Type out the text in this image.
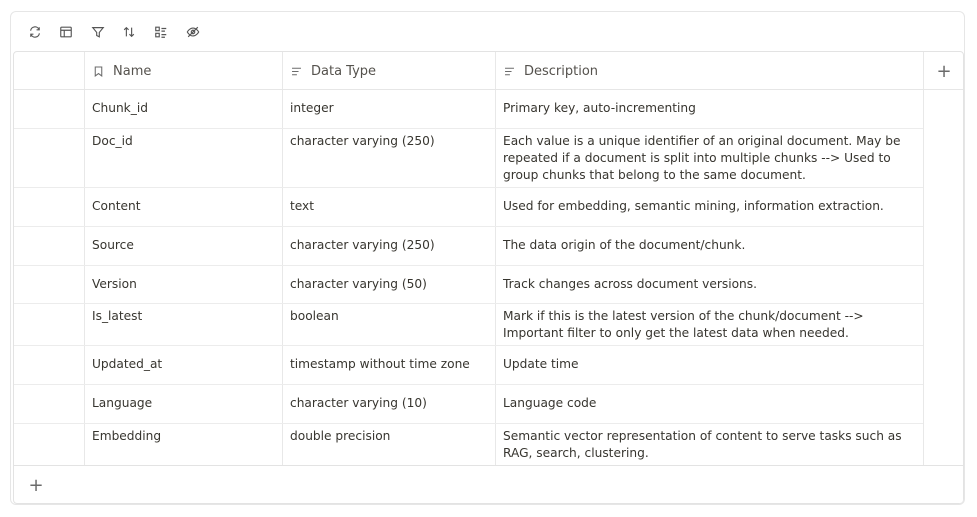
Name	Data Type	Description	+
Chunk_id	integer	Primary key, auto-incrementing
Doc_id	character varying (250)	Each value is a unique identifier of an original document. May be repeated if a document is split into multiple chunks --> Used to group chunks that belong to the same document.
Content	text	Used for embedding, semantic mining, information extraction.
Source	character varying (250)	The data origin of the document/chunk.
Version	character varying (50)	Track changes across document versions.
Is_latest	boolean	Mark if this is the latest version of the chunk/document --> Important filter to only get the latest data when needed.
Updated_at	timestamp without time zone	Update time
Language	character varying (10)	Language code
Embedding	double precision	Semantic vector representation of content to serve tasks such as RAG, search, clustering.
+
